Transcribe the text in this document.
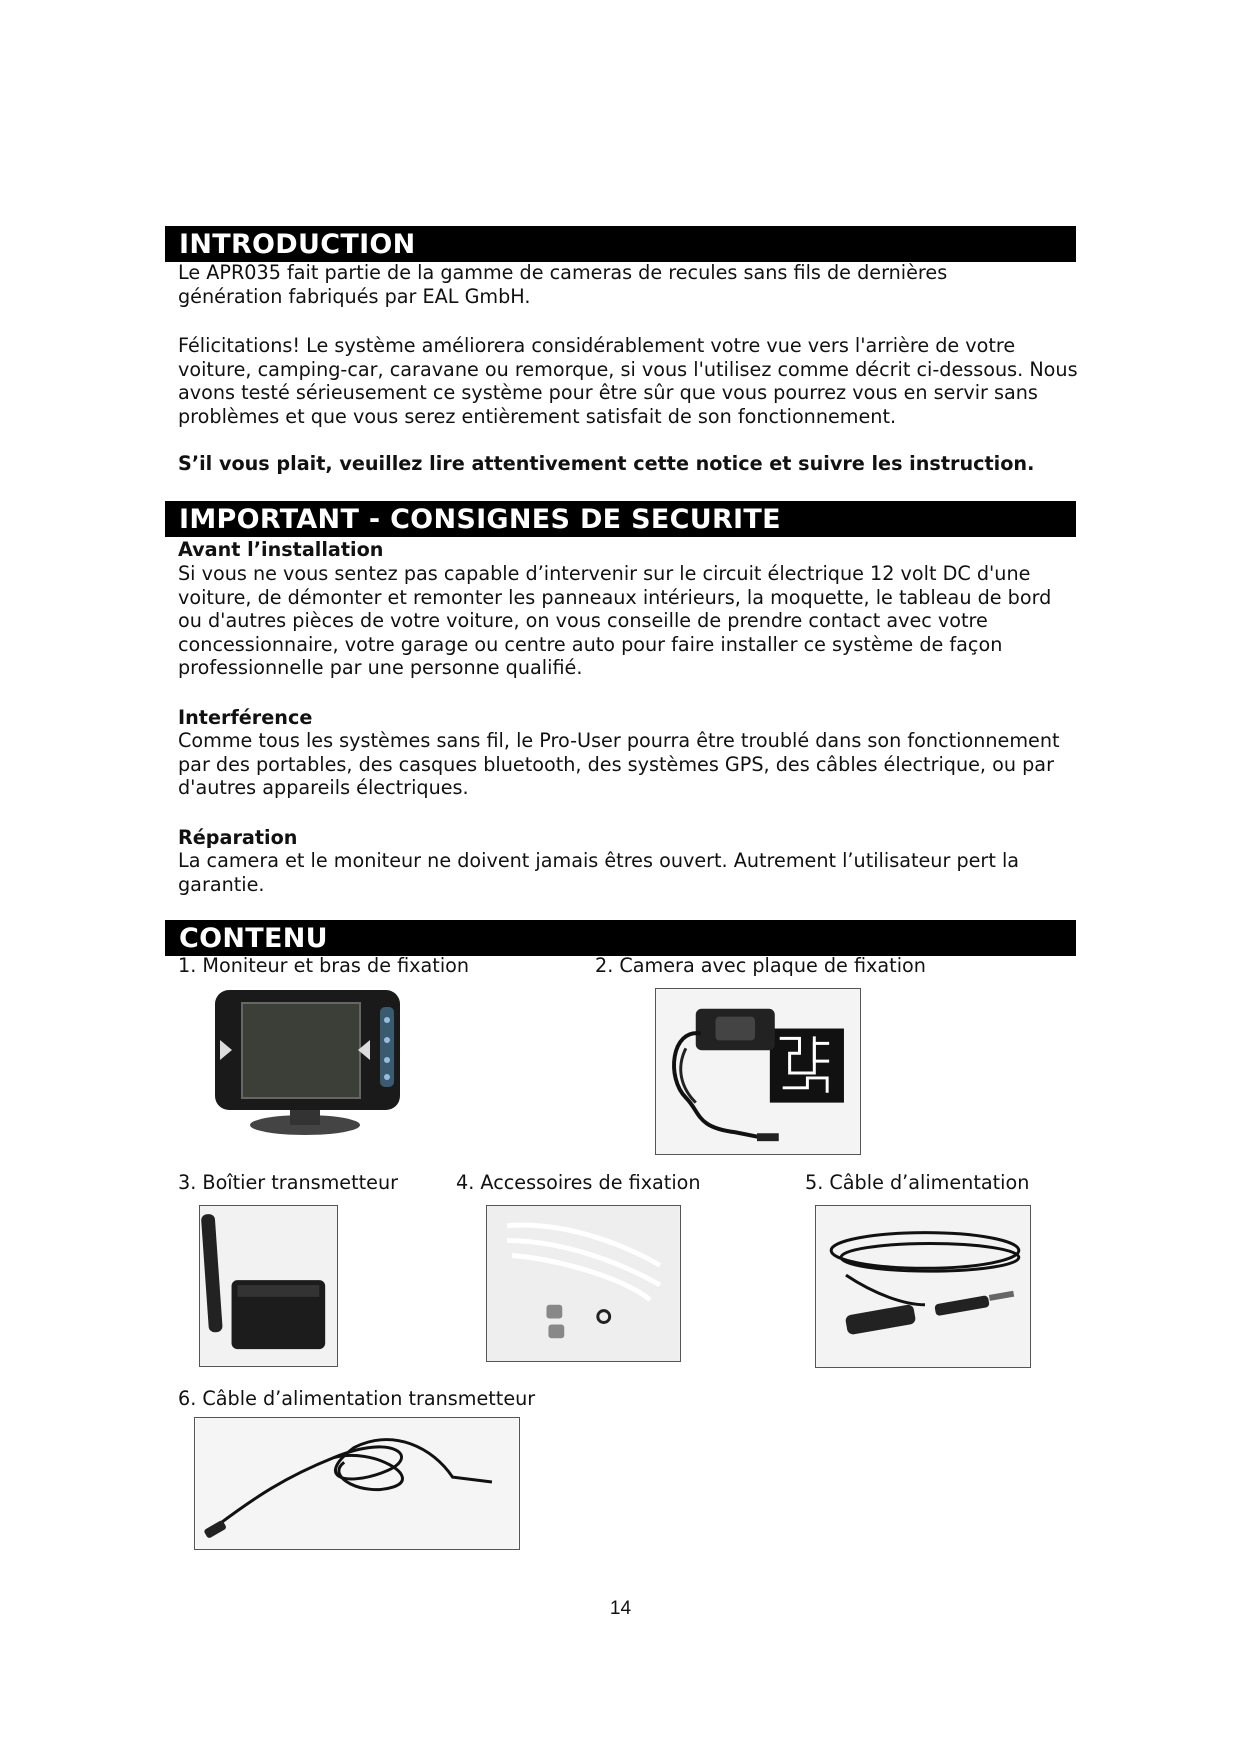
INTRODUCTION

Le APR035 fait partie de la gamme de cameras de recules sans fils de dernières génération fabriqués par EAL GmbH.

Félicitations! Le système améliorera considérablement votre vue vers l'arrière de votre voiture, camping-car, caravane ou remorque, si vous l'utilisez comme décrit ci-dessous. Nous avons testé sérieusement ce système pour être sûr que vous pourrez vous en servir sans problèmes et que vous serez entièrement satisfait de son fonctionnement.

S’il vous plait, veuillez lire attentivement cette notice et suivre les instruction.

IMPORTANT - CONSIGNES DE SECURITE

Avant l’installation

Si vous ne vous sentez pas capable d’intervenir sur le circuit électrique 12 volt DC d'une voiture, de démonter et remonter les panneaux intérieurs, la moquette, le tableau de bord ou d'autres pièces de votre voiture, on vous conseille de prendre contact avec votre concessionnaire, votre garage ou centre auto pour faire installer ce système de façon professionnelle par une personne qualifié.

Interférence

Comme tous les systèmes sans fil, le Pro-User pourra être troublé dans son fonctionnement par des portables, des casques bluetooth, des systèmes GPS, des câbles électrique, ou par d'autres appareils électriques.

Réparation

La camera et le moniteur ne doivent jamais êtres ouvert. Autrement l’utilisateur pert la garantie.

CONTENU
1. Moniteur et bras de fixation	2. Camera avec plaque de fixation
3. Boîtier transmetteur	4. Accessoires de fixation	5. Câble d’alimentation
6. Câble d’alimentation transmetteur
14
